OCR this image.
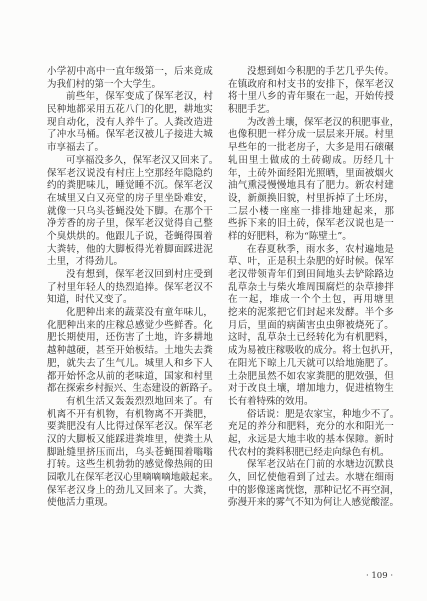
小 学 初 中 高 中 一 直 年 级 第 一 ， 后 来 竟 成
为我们村的第一个大学生。
前 些 年 ， 保 军 变 成 了 保 军 老 汉 ， 村
民 种 地 都 采 用 五 花 八 门 的 化 肥 ， 耕 地 实
现 自 动 化 ， 没 有 人 养 牛 了 。 人 粪 改 造 进
了 冲 水 马 桶 。 保 军 老 汉 被 儿 子 接 进 大 城
市享福去了。
可 享 福 没 多 久 ， 保 军 老 汉 又 回 来 了 。
保 军 老 汉 说 没 有 村 庄 上 空 那 经 年 隐 隐 约
约 的 粪 肥 味 儿 ， 睡 觉 睡 不 沉 。 保 军 老 汉
在 城 里 又 白 又 亮 堂 的 房 子 里 坐 卧 难 安 ，
就 像 一 只 乌 头 苍 蝇 没 处 下 脚 。 在 那 个 干
净 芳 香 的 房 子 里 ， 保 军 老 汉 觉 得 自 己 整
个 臭 烘 烘 的 。 他 跟 儿 子 说 ， 苍 蝇 得 围 着
大 粪 转 ， 他 的 大 脚 板 得 光 着 脚 面 踩 进 泥
土里，才得劲儿。
没 有 想 到 ， 保 军 老 汉 回 到 村 庄 受 到
了 村 里 年 轻 人 的 热 烈 追 捧 。 保 军 老 汉 不
知道，时代又变了。
化 肥 种 出 来 的 蔬 菜 没 有 童 年 味 儿 ，
化 肥 种 出 来 的 庄 稼 总 感 觉 少 些 鲜 香 。 化
肥 长 期 使 用 ， 还 伤 害 了 土 地 ， 许 多 耕 地
越 种 越 硬 ， 甚 至 开 始 板 结 。 土 地 失 去 粪
肥 ， 就 失 去 了 生 气 儿 。 城 里 人 和 乡 下 人
都 开 始 怀 念 从 前 的 老 味 道 ， 国 家 和 村 里
都在探索乡村振兴、生态建设的新路子。
有 机 生 活 又 轰 轰 烈 烈 地 回 来 了 。 有
机 离 不 开 有 机 物 ， 有 机 物 离 不 开 粪 肥 ，
要 粪 肥 没 有 人 比 得 过 保 军 老 汉 。 保 军 老
汉 的 大 脚 板 又 能 踩 进 粪 堆 里 ， 使 粪 土 从
脚 趾 缝 里 挤 压 而 出 ， 乌 头 苍 蝇 围 着 嗡 嗡
打 转 。 这 些 生 机 勃 勃 的 感 觉 像 热 闹 的 田
园 歌 儿 在 保 军 老 汉 心 里 嘀 嘀 嘀 地 敲 起 来 。
保 军 老 汉 身 上 的 劲 儿 又 回 来 了 。 大 粪 ，
使他活力重现。
没 想 到 如 今 积 肥 的 手 艺 几 乎 失 传 。
在 镇 政 府 和 村 支 书 的 安 排 下 ， 保 军 老 汉
将 十 里 八 乡 的 青 年 聚 在 一 起 ， 开 始 传 授
积肥手艺。
为 改 善 土 壤 ， 保 军 老 汉 的 积 肥 事 业 ，
也 像 积 肥 一 样 分 成 一 层 层 来 开 展 。 村 里
早 些 年 的 一 批 老 房 子 ， 大 多 是 用 石 磙 碾
轧 田 里 土 做 成 的 土 砖 砌 成 。 历 经 几 十
年 ， 土 砖 外 面 经 阳 光 照 晒 ， 里 面 被 烟 火
油 气 熏 浸 慢 慢 地 具 有 了 肥 力 。 新 农 村 建
设 ， 新 颜 换 旧 貌 ， 村 里 拆 掉 了 土 坯 房 ，
二 层 小 楼 一 座 座 一 排 排 地 建 起 来 ， 那
些 拆 下 来 的 旧 土 砖 ， 保 军 老 汉 说 也 是 一
样的好肥料，称为“陈壁土”。
在 春 夏 秋 季 ， 雨 水 多 ， 农 村 遍 地 是
草 、 叶 ， 正 是 积 土 杂 肥 的 好 时 候 。 保 军
老 汉 带 领 青 年 们 到 田 间 地 头 去 铲 除 路 边
乱 草 杂 土 与 柴 火 堆 周 围 腐 烂 的 杂 草 掺 拌
在 一 起 ， 堆 成 一 个 个 土 包 ， 再 用 塘 里
挖 来 的 泥 浆 把 它 们 封 起 来 发 酵 。 半 个 多
月 后 ， 里 面 的 病 菌 害 虫 虫 卵 被 烧 死 了 。
这 时 ， 乱 草 杂 土 已 经 转 化 为 有 机 肥 料 ，
成 为 易 被 庄 稼 吸 收 的 成 分 。 将 土 包 扒 开 ，
在 阳 光 下 晾 上 几 天 就 可 以 给 地 施 肥 了 。
土 杂 肥 虽 然 不 如 农 家 粪 肥 的 肥 效 强 ， 但
对 于 改 良 土 壤 ， 增 加 地 力 ， 促 进 植 物 生
长有着特殊的效用。
俗 话 说 ： 肥 是 农 家 宝 ， 种 地 少 不 了 。
充 足 的 养 分 和 肥 料 ， 充 分 的 水 和 阳 光 一
起 ， 永 远 是 大 地 丰 收 的 基 本 保 障 。 新 时
代农村的粪料积肥已经走向绿色有机。
保 军 老 汉 站 在 门 前 的 水 塘 边 沉 默 良
久 ， 回 忆 使 他 看 到 了 过 去 。 水 塘 在 细 雨
中 的 影 像 迷 离 恍 惚 ， 那 种 记 忆 不 再 空 洞 ，
弥漫开来的雾气不知为何让人感觉酸涩。
· 109 ·
